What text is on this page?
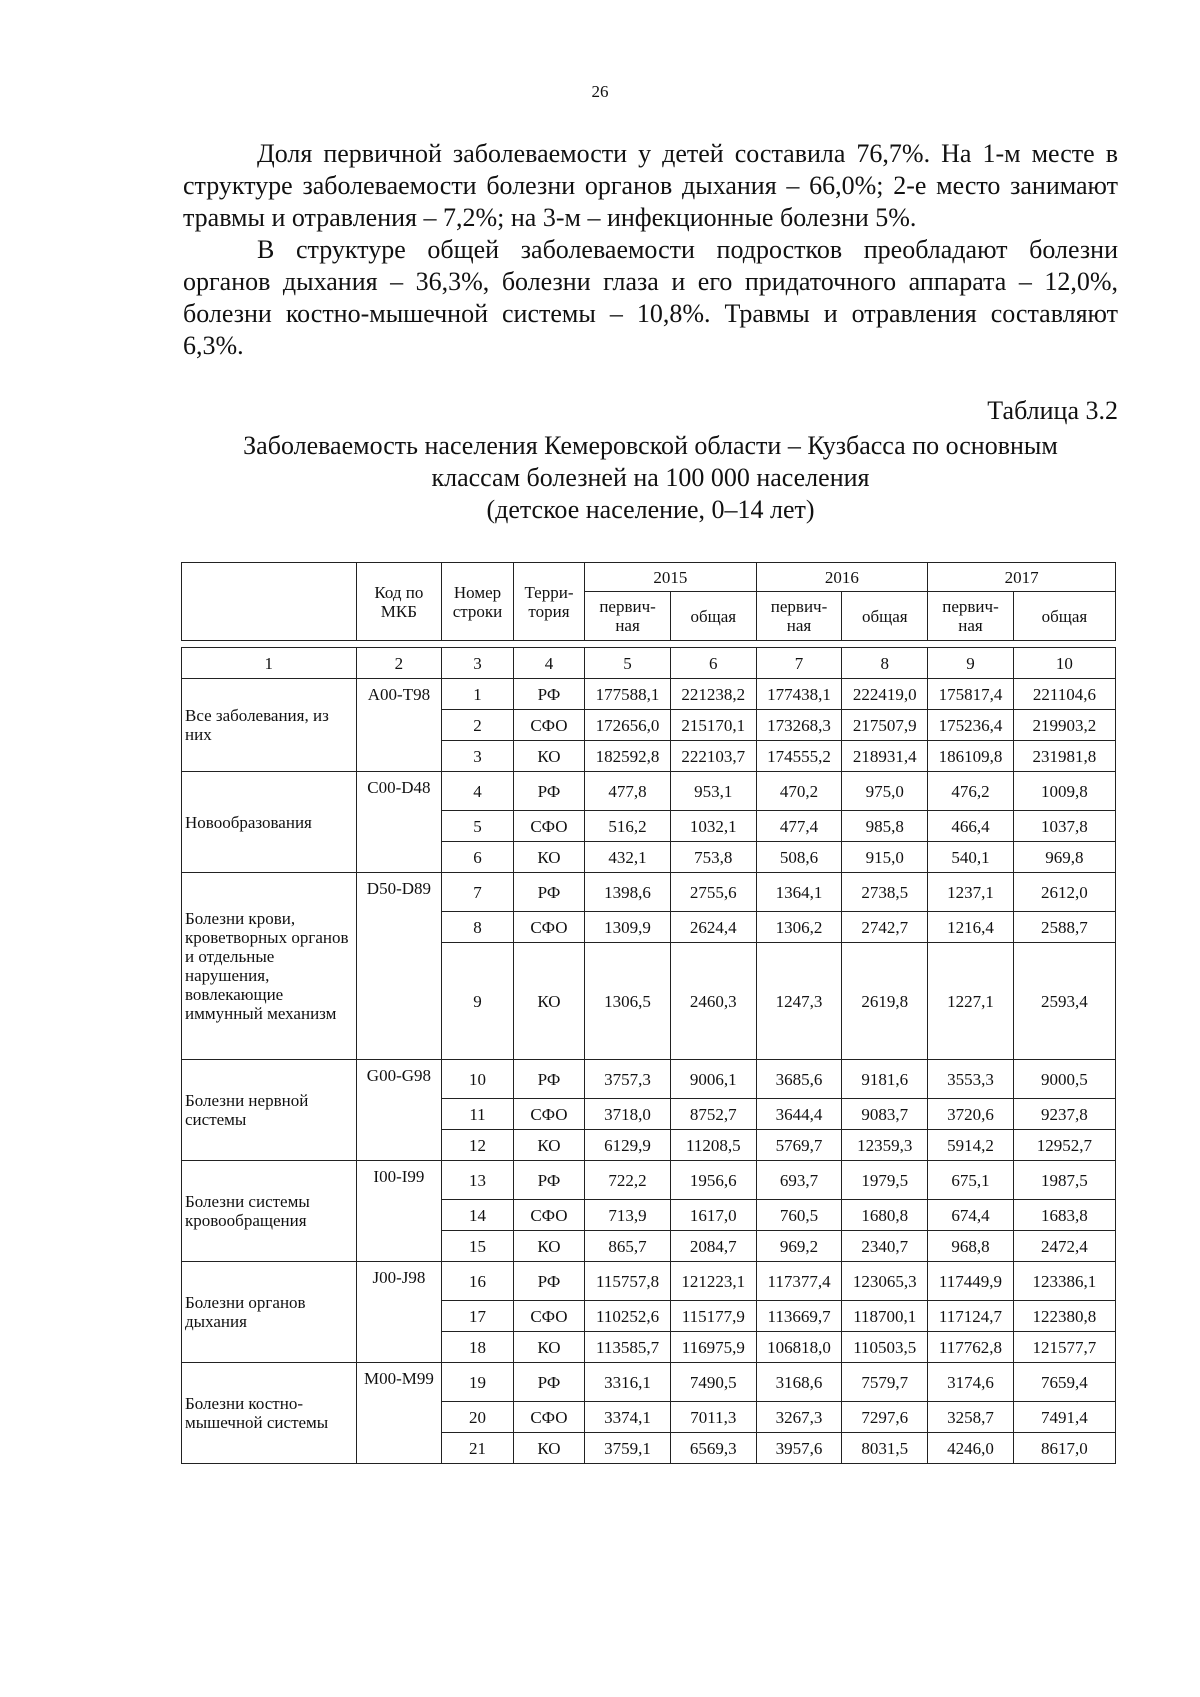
26

Доля первичной заболеваемости у детей составила 76,7%. На 1-м месте в структуре заболеваемости болезни органов дыхания – 66,0%; 2-е место занимают травмы и отравления – 7,2%; на 3-м – инфекционные болезни 5%.

В структуре общей заболеваемости подростков преобладают болезни органов дыхания – 36,3%, болезни глаза и его придаточного аппарата – 12,0%, болезни костно-мышечной системы – 10,8%. Травмы и отравления составляют 6,3%.

Таблица 3.2
Заболеваемость населения Кемеровской области – Кузбасса по основным
классам болезней на 100 000 населения
(детское население, 0–14 лет)
	Код по МКБ	Номер строки	Терри-тория	2015		2016		2017	
				первич-ная	общая	первич-ная	общая	первич-ная	общая

1	2	3	4	5	6	7	8	9	10
Все заболевания, из них	A00-T98	1	РФ	177588,1	221238,2	177438,1	222419,0	175817,4	221104,6
		2	СФО	172656,0	215170,1	173268,3	217507,9	175236,4	219903,2
		3	КО	182592,8	222103,7	174555,2	218931,4	186109,8	231981,8
Новообразования	C00-D48	4	РФ	477,8	953,1	470,2	975,0	476,2	1009,8
		5	СФО	516,2	1032,1	477,4	985,8	466,4	1037,8
		6	КО	432,1	753,8	508,6	915,0	540,1	969,8
Болезни крови, кроветворных органов и отдельные нарушения, вовлекающие иммунный механизм	D50-D89	7	РФ	1398,6	2755,6	1364,1	2738,5	1237,1	2612,0
		8	СФО	1309,9	2624,4	1306,2	2742,7	1216,4	2588,7
		9	КО	1306,5	2460,3	1247,3	2619,8	1227,1	2593,4
Болезни нервной системы	G00-G98	10	РФ	3757,3	9006,1	3685,6	9181,6	3553,3	9000,5
		11	СФО	3718,0	8752,7	3644,4	9083,7	3720,6	9237,8
		12	КО	6129,9	11208,5	5769,7	12359,3	5914,2	12952,7
Болезни системы кровообращения	I00-I99	13	РФ	722,2	1956,6	693,7	1979,5	675,1	1987,5
		14	СФО	713,9	1617,0	760,5	1680,8	674,4	1683,8
		15	КО	865,7	2084,7	969,2	2340,7	968,8	2472,4
Болезни органов дыхания	J00-J98	16	РФ	115757,8	121223,1	117377,4	123065,3	117449,9	123386,1
		17	СФО	110252,6	115177,9	113669,7	118700,1	117124,7	122380,8
		18	КО	113585,7	116975,9	106818,0	110503,5	117762,8	121577,7
Болезни костно-мышечной системы	M00-M99	19	РФ	3316,1	7490,5	3168,6	7579,7	3174,6	7659,4
		20	СФО	3374,1	7011,3	3267,3	7297,6	3258,7	7491,4
		21	КО	3759,1	6569,3	3957,6	8031,5	4246,0	8617,0
